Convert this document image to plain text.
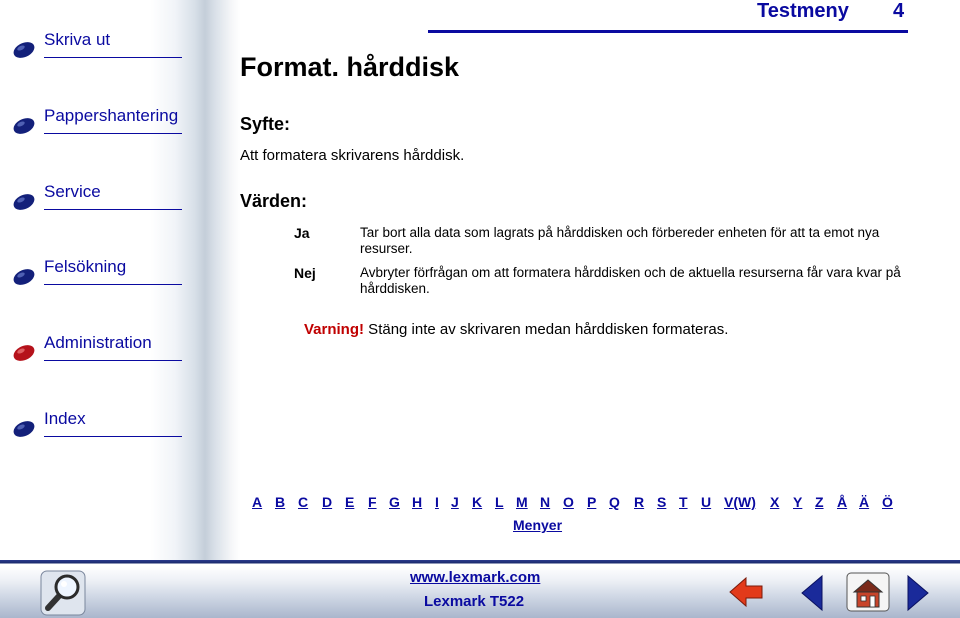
Skriva ut
Pappershantering
Service
Felsökning
Administration
Index
Testmeny 4
Format. hårddisk
Syfte:
Att formatera skrivarens hårddisk.
Värden:
Ja	Tar bort alla data som lagrats på hårddisken och förbereder enheten för att ta emot nya resurser.
Nej	Avbryter förfrågan om att formatera hårddisken och de aktuella resurserna får vara kvar på hårddisken.
Varning! Stäng inte av skrivaren medan hårddisken formateras.
A B C D E F G H I J K L M N O P Q R S T U V(W) X Y Z Å Ä Ö
Menyer
www.lexmark.com
Lexmark T522
